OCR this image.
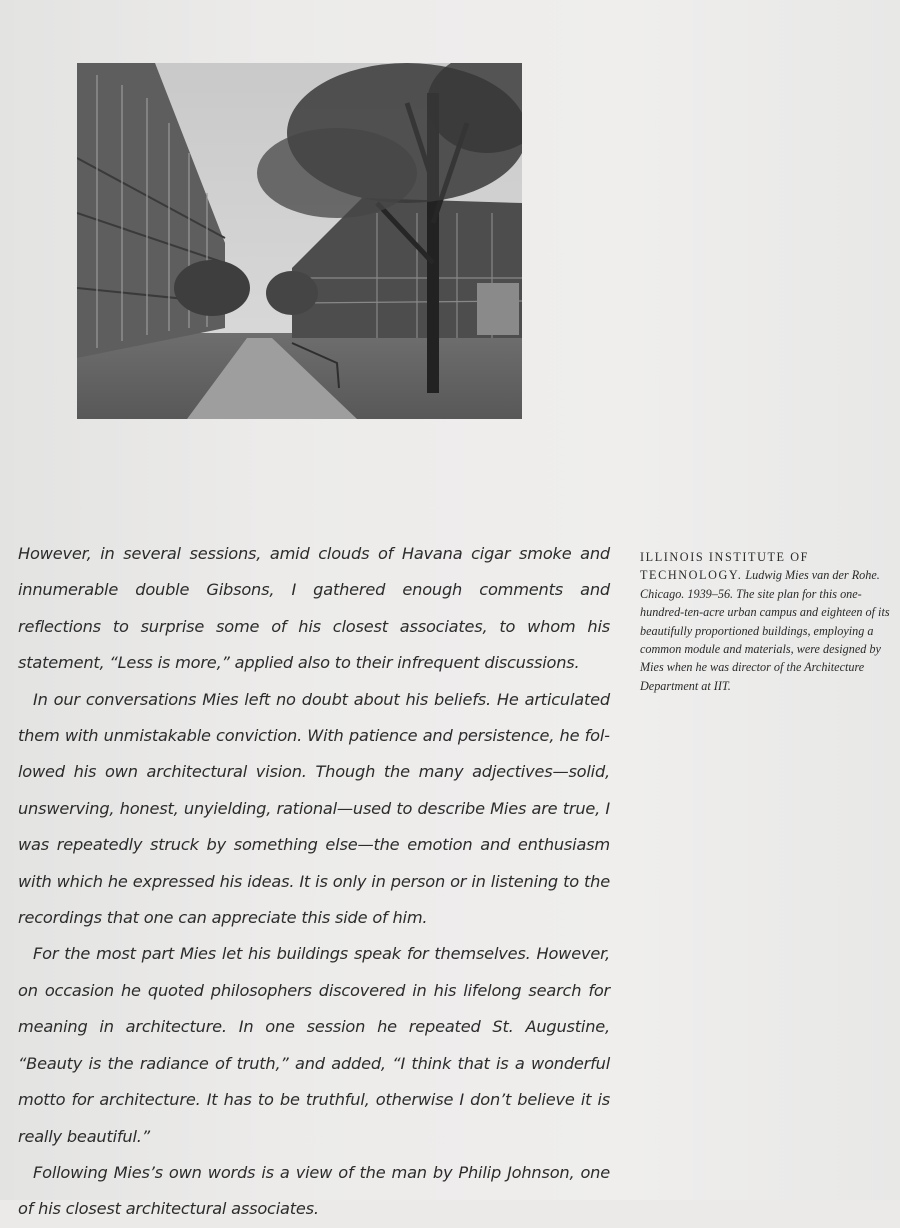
However, in several sessions, amid clouds of Havana cigar smoke and innumerable double Gibsons, I gathered enough comments and reflections to surprise some of his closest associates, to whom his statement, “Less is more,” applied also to their infrequent discussions.

In our conversations Mies left no doubt about his beliefs. He articulated them with unmistakable conviction. With patience and persistence, he followed his own architectural vision. Though the many adjectives—solid, unswerving, honest, unyielding, rational—used to describe Mies are true, I was repeatedly struck by something else—the emotion and enthusiasm with which he expressed his ideas. It is only in person or in listening to the recordings that one can appreciate this side of him.

For the most part Mies let his buildings speak for themselves. However, on occasion he quoted philosophers discovered in his lifelong search for meaning in architecture. In one session he repeated St. Augustine, “Beauty is the radiance of truth,” and added, “I think that is a wonderful motto for architecture. It has to be truthful, otherwise I don’t believe it is really beautiful.”

Following Mies’s own words is a view of the man by Philip Johnson, one of his closest architectural associates.

ILLINOIS INSTITUTE OF TECHNOLOGY. Ludwig Mies van der Rohe. Chicago. 1939–56. The site plan for this one-hundred-ten-acre urban campus and eighteen of its beautifully proportioned buildings, employing a common module and materials, were designed by Mies when he was director of the Architecture Department at IIT.
